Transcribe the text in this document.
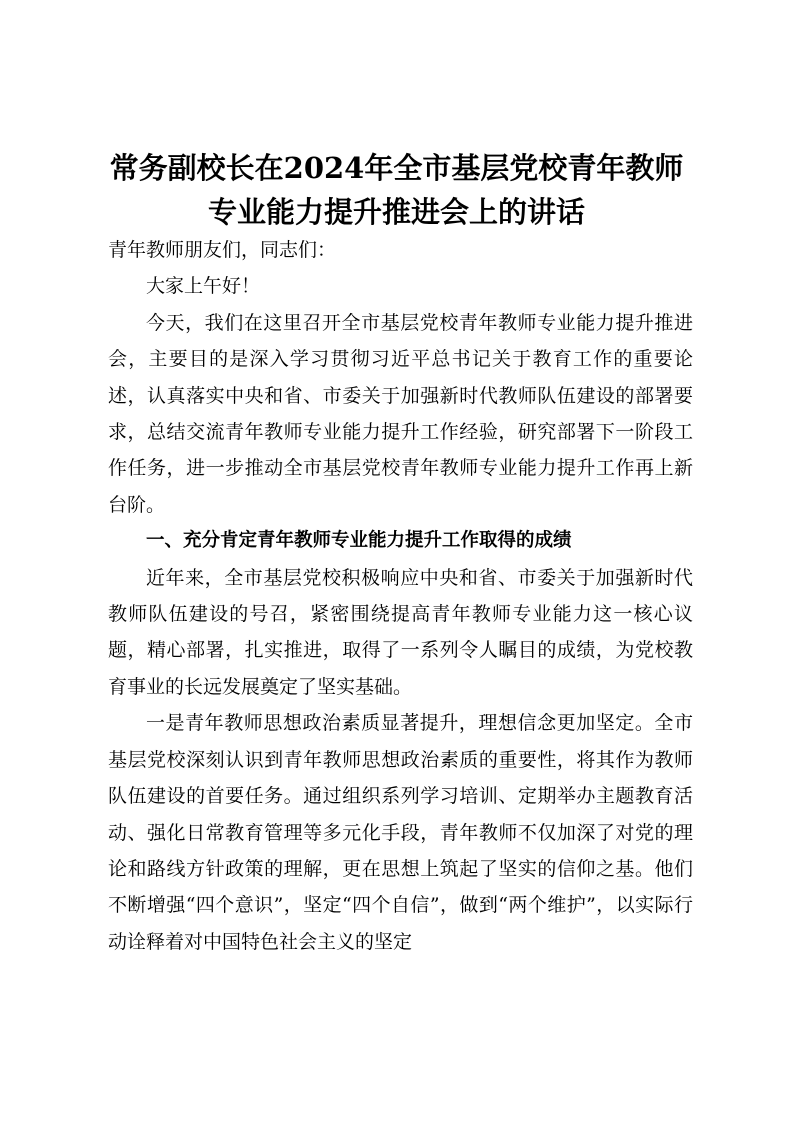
常务副校长在2024年全市基层党校青年教师
专业能力提升推进会上的讲话

青年教师朋友们，同志们：

大家上午好！

今天，我们在这里召开全市基层党校青年教师专业能力提升推进会，主要目的是深入学习贯彻习近平总书记关于教育工作的重要论述，认真落实中央和省、市委关于加强新时代教师队伍建设的部署要求，总结交流青年教师专业能力提升工作经验，研究部署下一阶段工作任务，进一步推动全市基层党校青年教师专业能力提升工作再上新台阶。

一、充分肯定青年教师专业能力提升工作取得的成绩

近年来，全市基层党校积极响应中央和省、市委关于加强新时代教师队伍建设的号召，紧密围绕提高青年教师专业能力这一核心议题，精心部署，扎实推进，取得了一系列令人瞩目的成绩，为党校教育事业的长远发展奠定了坚实基础。

一是青年教师思想政治素质显著提升，理想信念更加坚定。全市基层党校深刻认识到青年教师思想政治素质的重要性，将其作为教师队伍建设的首要任务。通过组织系列学习培训、定期举办主题教育活动、强化日常教育管理等多元化手段，青年教师不仅加深了对党的理论和路线方针政策的理解，更在思想上筑起了坚实的信仰之基。他们不断增强“四个意识”，坚定“四个自信”，做到“两个维护”，以实际行动诠释着对中国特色社会主义的坚定
